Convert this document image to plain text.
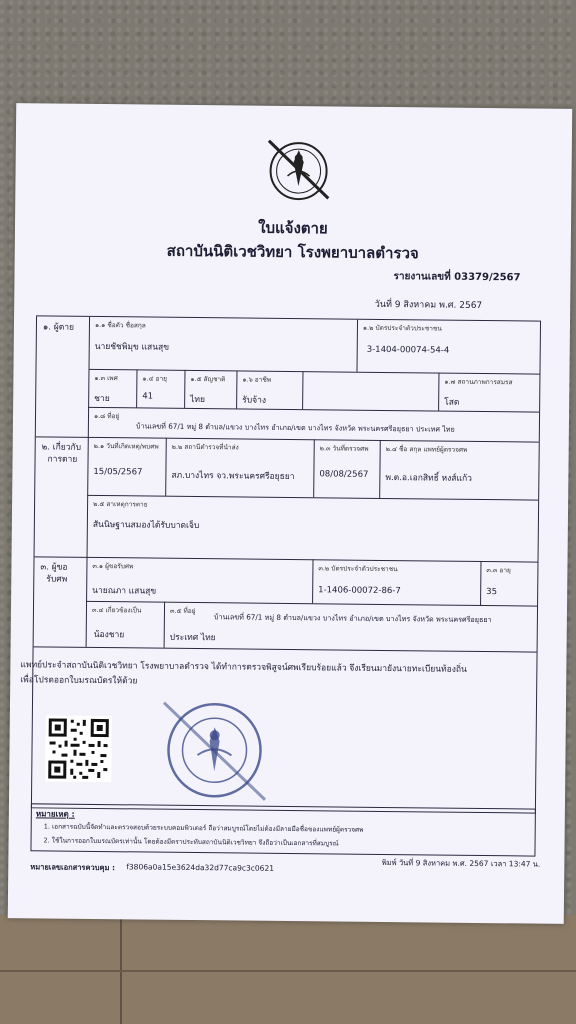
ใบแจ้งตาย
สถาบันนิติเวชวิทยา โรงพยาบาลตำรวจ
รายงานเลขที่ 03379/2567
วันที่ 9 สิงหาคม พ.ศ. 2567
๑. ผู้ตาย	๑.๑ ชื่อตัว ชื่อสกุล
นายชัชพิมุข แสนสุข
๑.๒ บัตรประจำตัวประชาชน
3-1404-00074-54-4
๑.๓ เพศ
ชาย
๑.๔ อายุ
41
๑.๕ สัญชาติ
ไทย
๑.๖ อาชีพ
รับจ้าง
๑.๗ สถานภาพการสมรส
โสด
๑.๘ ที่อยู่
บ้านเลขที่ 67/1 หมู่ 8 ตำบล/แขวง บางไทร อำเภอ/เขต บางไทร จังหวัด พระนครศรีอยุธยา ประเทศ ไทย
๒. เกี่ยวกับ
การตาย
๒.๑ วันที่เกิดเหตุ/พบศพ
15/05/2567
๒.๒ สถานีตำรวจที่นำส่ง
สภ.บางไทร จว.พระนครศรีอยุธยา
๒.๓ วันที่ตรวจศพ
08/08/2567
๒.๔ ชื่อ สกุล แพทย์ผู้ตรวจศพ
พ.ต.อ.เอกสิทธิ์ หงส์แก้ว
๒.๕ สาเหตุการตาย
สันนิษฐานสมองได้รับบาดเจ็บ
๓. ผู้ขอ
รับศพ
๓.๑ ผู้ขอรับศพ
นายณภา แสนสุข
๓.๒ บัตรประจำตัวประชาชน
1-1406-00072-86-7
๓.๓ อายุ
35
๓.๔ เกี่ยวข้องเป็น
น้องชาย
๓.๕ ที่อยู่
บ้านเลขที่ 67/1 หมู่ 8 ตำบล/แขวง บางไทร อำเภอ/เขต บางไทร จังหวัด พระนครศรีอยุธยา
ประเทศ ไทย
แพทย์ประจำสถาบันนิติเวชวิทยา โรงพยาบาลตำรวจ ได้ทำการตรวจพิสูจน์ศพเรียบร้อยแล้ว จึงเรียนมายังนายทะเบียนท้องถิ่น
เพื่อโปรดออกใบมรณบัตรให้ด้วย
หมายเหตุ :
1. เอกสารฉบับนี้จัดทำและตรวจสอบด้วยระบบคอมพิวเตอร์ ถือว่าสมบูรณ์โดยไม่ต้องมีลายมือชื่อของแพทย์ผู้ตรวจศพ
2. ใช้ในการออกใบมรณบัตรเท่านั้น โดยต้องมีตราประทับสถาบันนิติเวชวิทยา จึงถือว่าเป็นเอกสารที่สมบูรณ์
พิมพ์ วันที่ 9 สิงหาคม พ.ศ. 2567 เวลา 13:47 น.
หมายเลขเอกสารควบคุม : f3806a0a15e3624da32d77ca9c3c0621
